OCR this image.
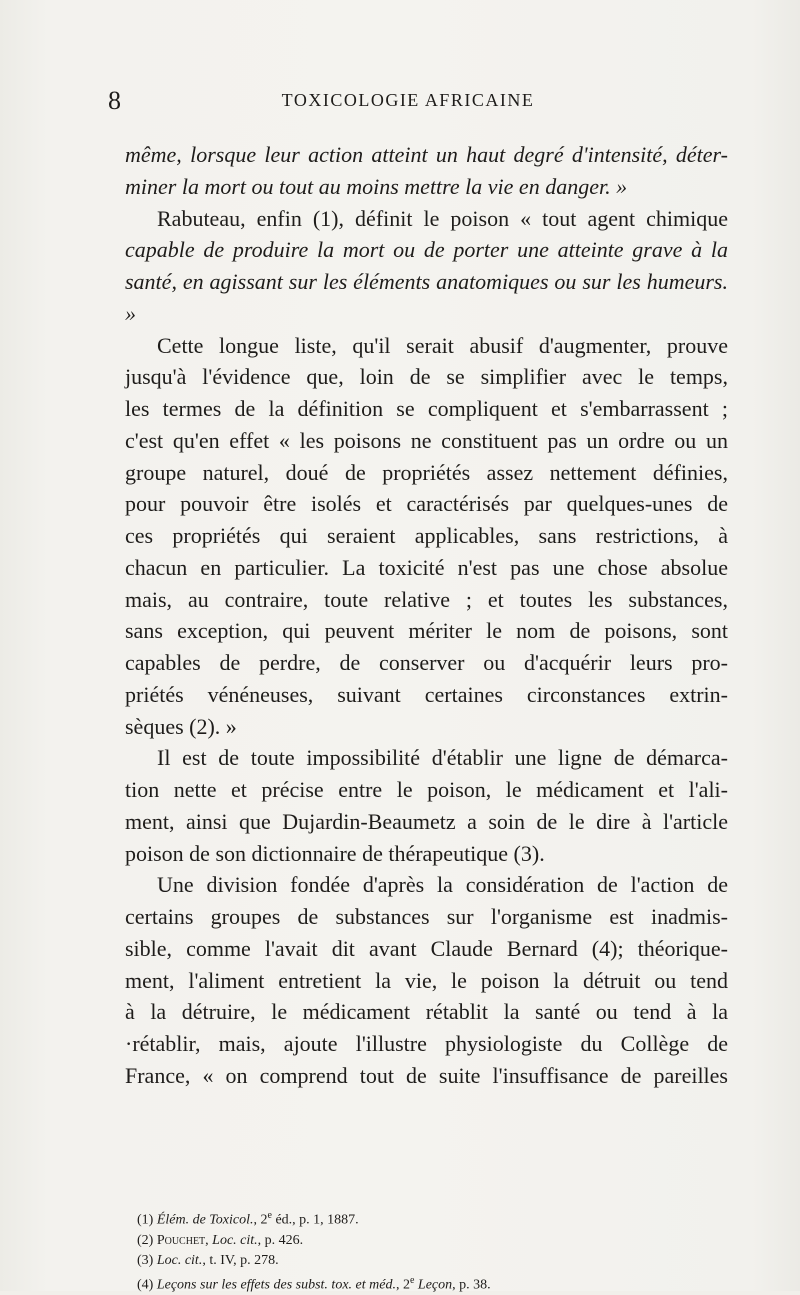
8	TOXICOLOGIE AFRICAINE

même, lorsque leur action atteint un haut degré d'intensité, déter-

miner la mort ou tout au moins mettre la vie en danger. »

Rabuteau, enfin (1), définit le poison « tout agent chimique

capable de produire la mort ou de porter une atteinte grave à la

santé, en agissant sur les éléments anatomiques ou sur les humeurs. »

Cette longue liste, qu'il serait abusif d'augmenter, prouve

jusqu'à l'évidence que, loin de se simplifier avec le temps,

les termes de la définition se compliquent et s'embarrassent ;

c'est qu'en effet « les poisons ne constituent pas un ordre ou un

groupe naturel, doué de propriétés assez nettement définies,

pour pouvoir être isolés et caractérisés par quelques-unes de

ces propriétés qui seraient applicables, sans restrictions, à

chacun en particulier. La toxicité n'est pas une chose absolue

mais, au contraire, toute relative ; et toutes les substances,

sans exception, qui peuvent mériter le nom de poisons, sont

capables de perdre, de conserver ou d'acquérir leurs pro-

priétés vénéneuses, suivant certaines circonstances extrin-

sèques (2). »

Il est de toute impossibilité d'établir une ligne de démarca-

tion nette et précise entre le poison, le médicament et l'ali-

ment, ainsi que Dujardin-Beaumetz a soin de le dire à l'article

poison de son dictionnaire de thérapeutique (3).

Une division fondée d'après la considération de l'action de

certains groupes de substances sur l'organisme est inadmis-

sible, comme l'avait dit avant Claude Bernard (4); théorique-

ment, l'aliment entretient la vie, le poison la détruit ou tend

à la détruire, le médicament rétablit la santé ou tend à la

·rétablir, mais, ajoute l'illustre physiologiste du Collège de

France, « on comprend tout de suite l'insuffisance de pareilles

(1) Élém. de Toxicol., 2e éd., p. 1, 1887.
(2) Pouchet, Loc. cit., p. 426.
(3) Loc. cit., t. IV, p. 278.
(4) Leçons sur les effets des subst. tox. et méd., 2e Leçon, p. 38.
